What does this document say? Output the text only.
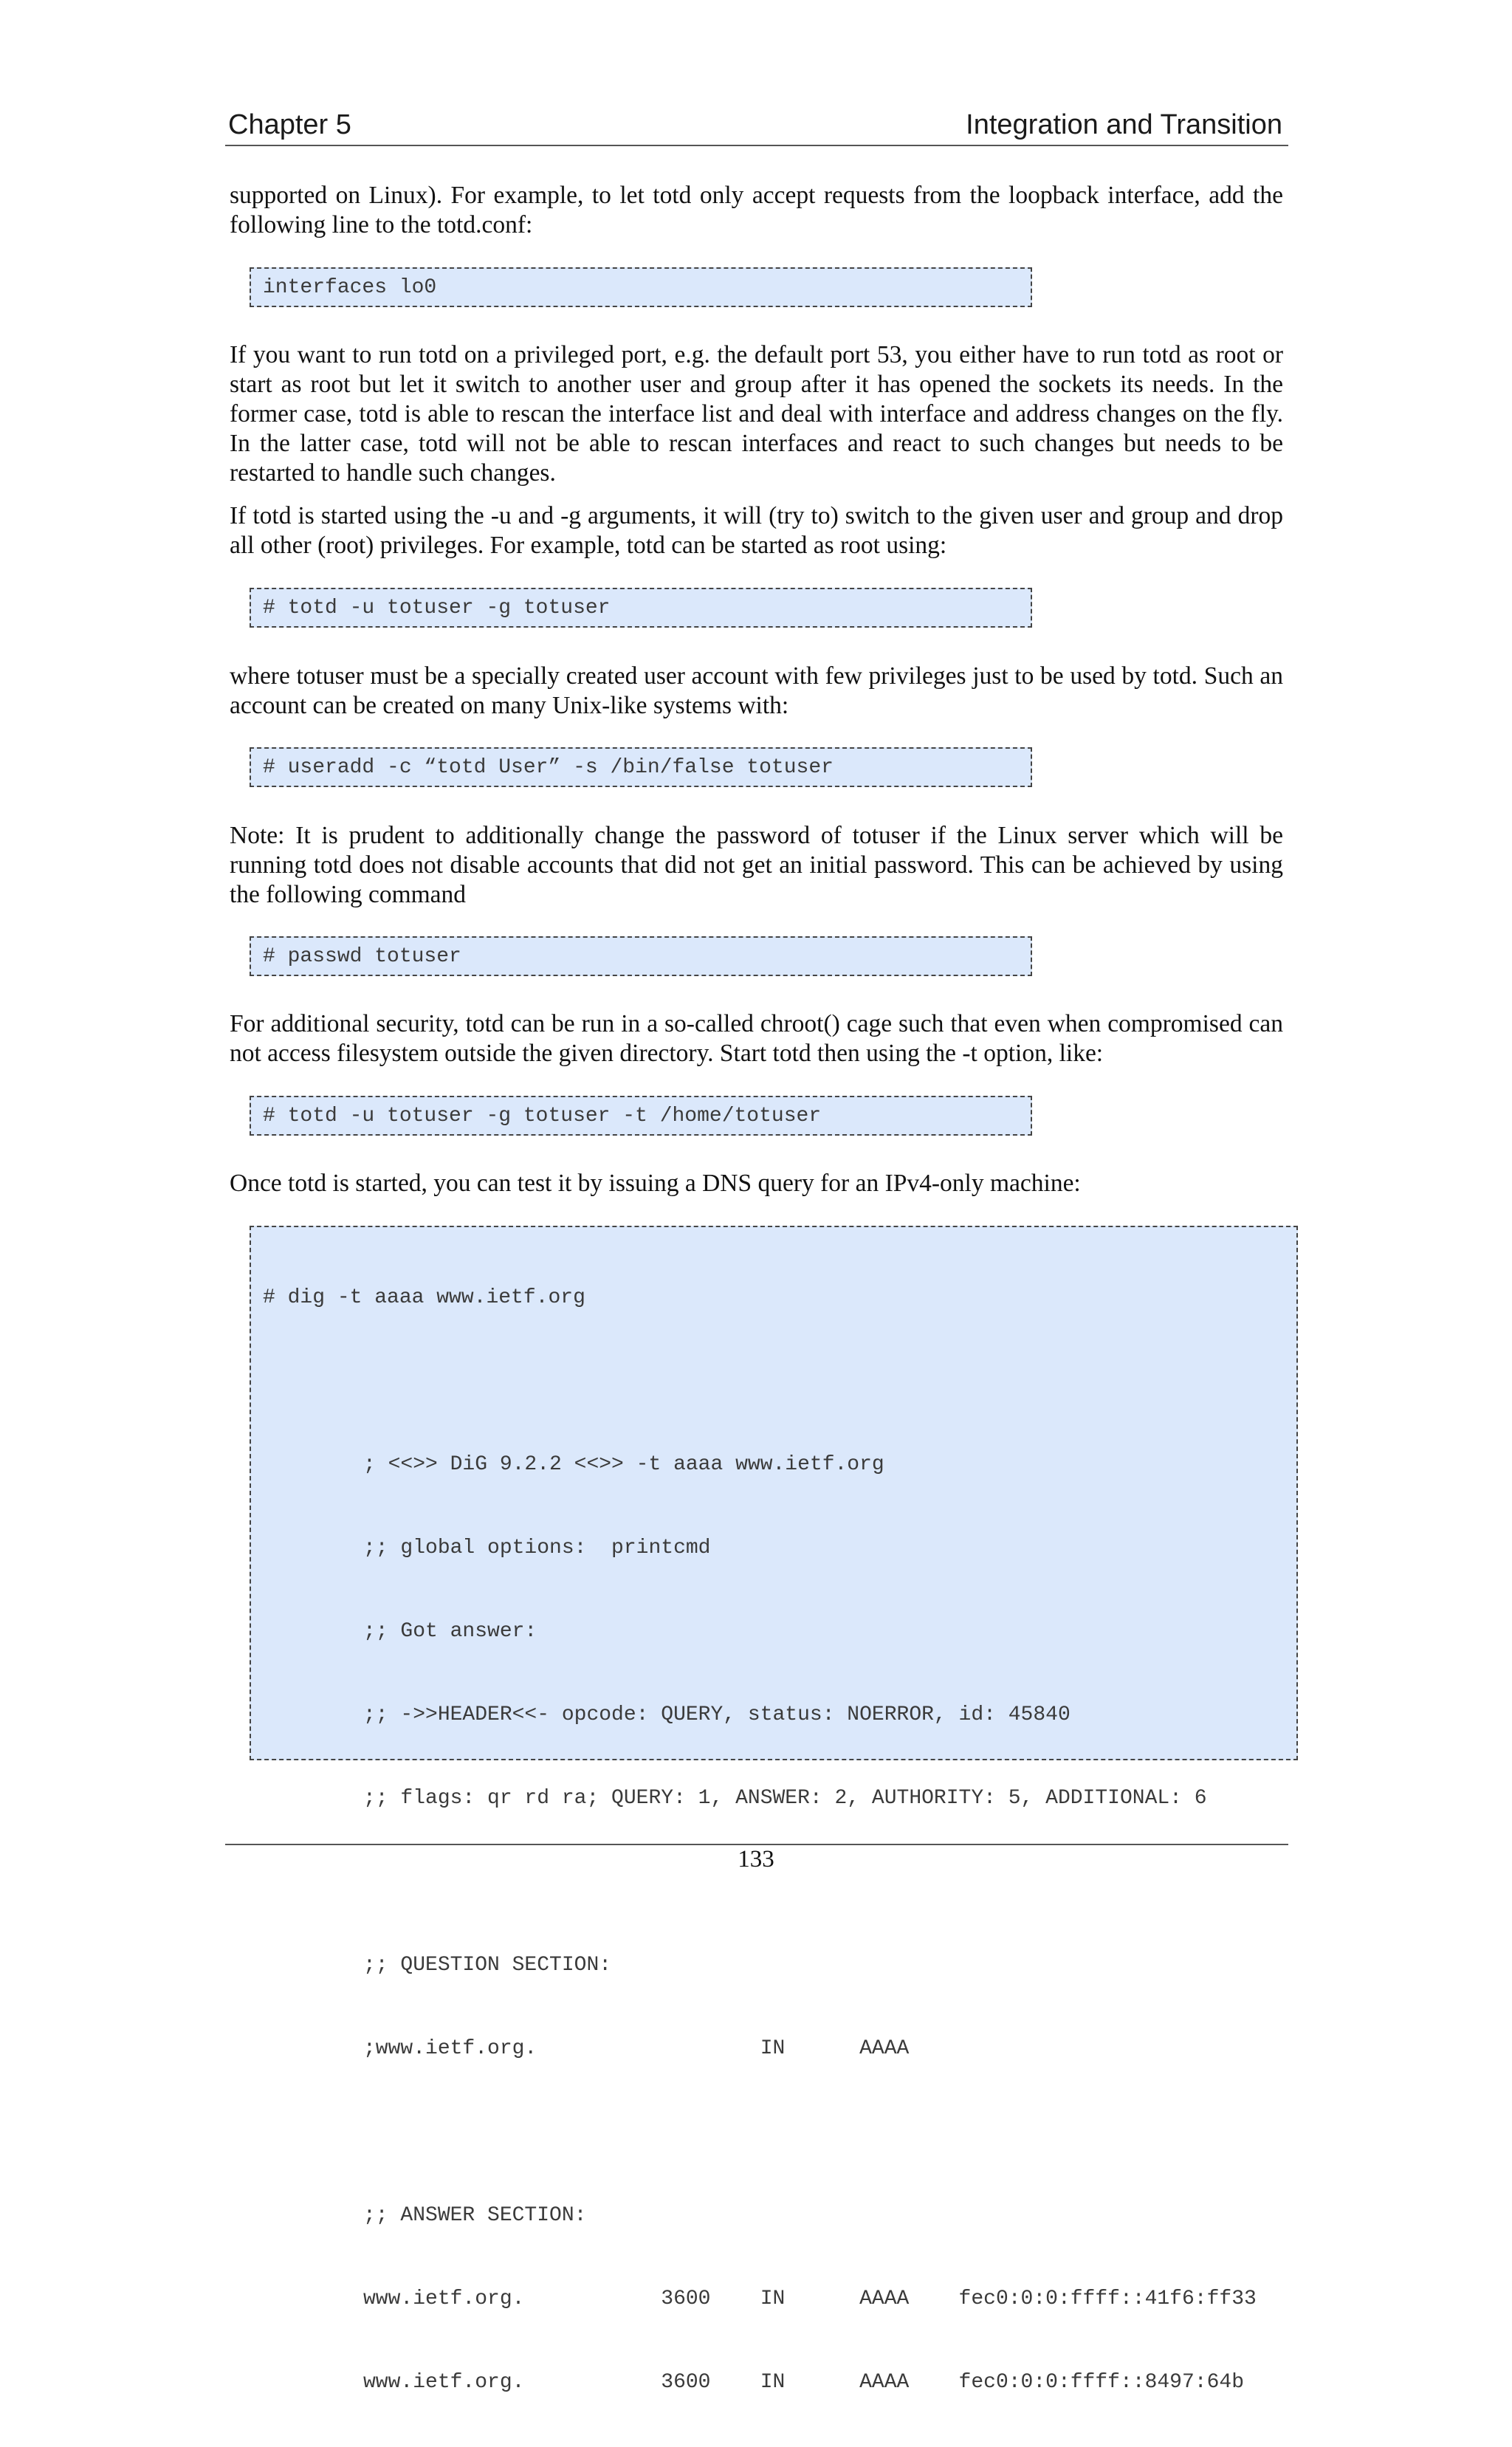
Chapter 5	Integration and Transition

supported on Linux). For example, to let totd only accept requests from the loopback interface, add the following line to the totd.conf:

interfaces lo0

If you want to run totd on a privileged port, e.g. the default port 53, you either have to run totd as root or start as root but let it switch to another user and group after it has opened the sockets its needs. In the former case, totd is able to rescan the interface list and deal with interface and address changes on the fly. In the latter case, totd will not be able to rescan interfaces and react to such changes but needs to be restarted to handle such changes.

If totd is started using the -u and -g arguments, it will (try to) switch to the given user and group and drop all other (root) privileges. For example, totd can be started as root using:

# totd -u totuser -g totuser

where totuser must be a specially created user account with few privileges just to be used by totd. Such an account can be created on many Unix-like systems with:

# useradd -c “totd User” -s /bin/false totuser

Note: It is prudent to additionally change the password of totuser if the Linux server which will be running totd does not disable accounts that did not get an initial password. This can be achieved by using the following command

# passwd totuser

For additional security, totd can be run in a so-called chroot() cage such that even when compromised can not access filesystem outside the given directory. Start totd then using the -t option, like:

# totd -u totuser -g totuser -t /home/totuser

Once totd is started, you can test it by issuing a DNS query for an IPv4-only machine:

# dig -t aaaa www.ietf.org

; <<>> DiG 9.2.2 <<>> -t aaaa www.ietf.org

;; global options:  printcmd

;; Got answer:

;; ->>HEADER<<- opcode: QUERY, status: NOERROR, id: 45840

;; flags: qr rd ra; QUERY: 1, ANSWER: 2, AUTHORITY: 5, ADDITIONAL: 6

;; QUESTION SECTION:

;www.ietf.org.                  IN      AAAA

;; ANSWER SECTION:

www.ietf.org.           3600    IN      AAAA    fec0:0:0:ffff::41f6:ff33

www.ietf.org.           3600    IN      AAAA    fec0:0:0:ffff::8497:64b

133
